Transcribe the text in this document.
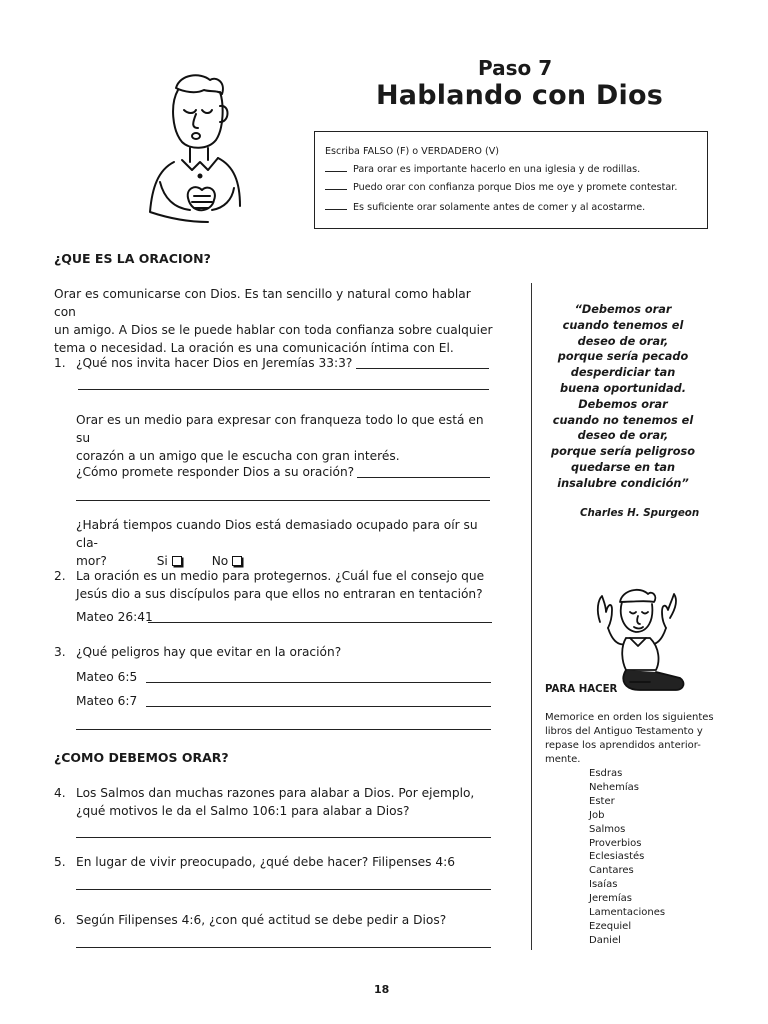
Paso 7
Hablando con Dios
Escriba FALSO (F) o VERDADERO (V)
Para orar es importante hacerlo en una iglesia y de rodillas.
Puedo orar con confianza porque Dios me oye y promete contestar.
Es suficiente orar solamente antes de comer y al acostarme.
¿QUE ES LA ORACION?
Orar es comunicarse con Dios. Es tan sencillo y natural como hablar con
un amigo. A Dios se le puede hablar con toda confianza sobre cualquier
tema o necesidad. La oración es una comunicación íntima con El.
1. ¿Qué nos invita hacer Dios en Jeremías 33:3?
Orar es un medio para expresar con franqueza todo lo que está en su
corazón a un amigo que le escucha con gran interés.
¿Cómo promete responder Dios a su oración?
¿Habrá tiempos cuando Dios está demasiado ocupado para oír su cla-
mor?	Si	No
2. La oración es un medio para protegernos. ¿Cuál fue el consejo que
Jesús dio a sus discípulos para que ellos no entraran en tentación?
Mateo 26:41
3. ¿Qué peligros hay que evitar en la oración?
Mateo 6:5
Mateo 6:7
¿COMO DEBEMOS ORAR?
4. Los Salmos dan muchas razones para alabar a Dios. Por ejemplo,
¿qué motivos le da el Salmo 106:1 para alabar a Dios?
5. En lugar de vivir preocupado, ¿qué debe hacer? Filipenses 4:6
6. Según Filipenses 4:6, ¿con qué actitud se debe pedir a Dios?
“Debemos orar
cuando tenemos el
deseo de orar,
porque sería pecado
desperdiciar tan
buena oportunidad.
Debemos orar
cuando no tenemos el
deseo de orar,
porque sería peligroso
quedarse en tan
insalubre condición”
Charles H. Spurgeon
PARA HACER
Memorice en orden los siguientes
libros del Antiguo Testamento y
repase los aprendidos anterior-
mente.
Esdras
Nehemías
Ester
Job
Salmos
Proverbios
Eclesiastés
Cantares
Isaías
Jeremías
Lamentaciones
Ezequiel
Daniel
18
